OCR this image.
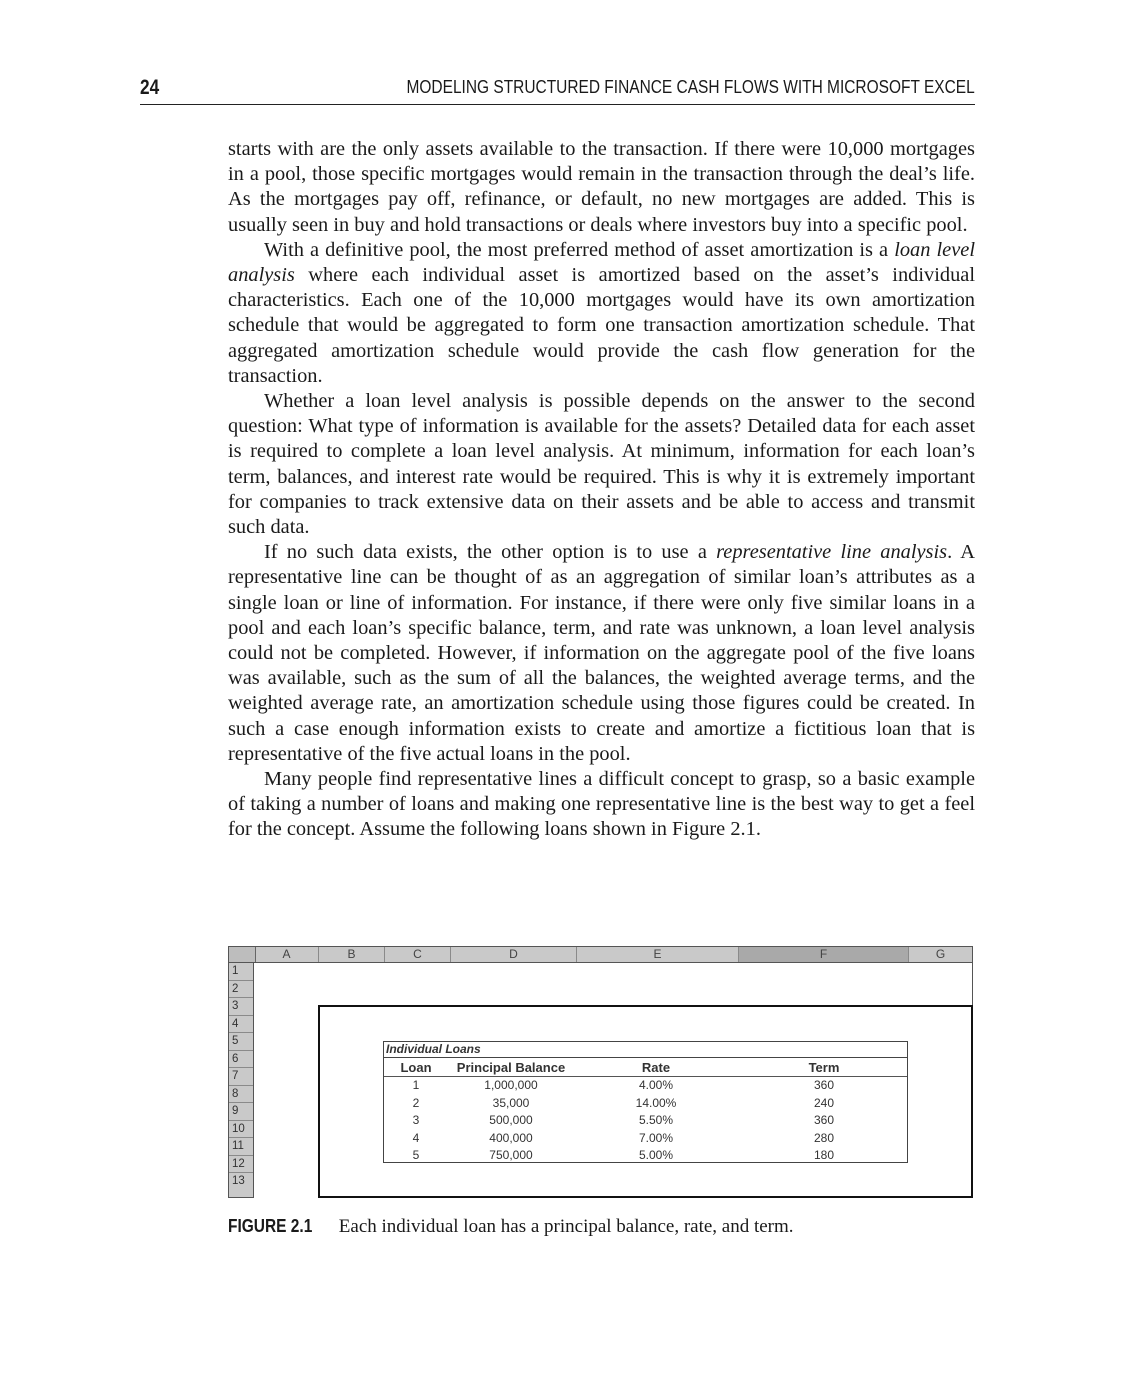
24	MODELING STRUCTURED FINANCE CASH FLOWS WITH MICROSOFT EXCEL

starts with are the only assets available to the transaction. If there were 10,000 mortgages in a pool, those specific mortgages would remain in the transaction through the deal’s life. As the mortgages pay off, refinance, or default, no new mortgages are added. This is usually seen in buy and hold transactions or deals where investors buy into a specific pool.

With a definitive pool, the most preferred method of asset amortization is a loan level analysis where each individual asset is amortized based on the asset’s individual characteristics. Each one of the 10,000 mortgages would have its own amortization schedule that would be aggregated to form one transaction amortization schedule. That aggregated amortization schedule would provide the cash flow generation for the transaction.

Whether a loan level analysis is possible depends on the answer to the second question: What type of information is available for the assets? Detailed data for each asset is required to complete a loan level analysis. At minimum, information for each loan’s term, balances, and interest rate would be required. This is why it is extremely important for companies to track extensive data on their assets and be able to access and transmit such data.

If no such data exists, the other option is to use a representative line analysis. A representative line can be thought of as an aggregation of similar loan’s attributes as a single loan or line of information. For instance, if there were only five similar loans in a pool and each loan’s specific balance, term, and rate was unknown, a loan level analysis could not be completed. However, if information on the aggregate pool of the five loans was available, such as the sum of all the balances, the weighted average terms, and the weighted average rate, an amortization schedule using those figures could be created. In such a case enough information exists to create and amortize a fictitious loan that is representative of the five actual loans in the pool.

Many people find representative lines a difficult concept to grasp, so a basic example of taking a number of loans and making one representative line is the best way to get a feel for the concept. Assume the following loans shown in Figure 2.1.

A	B	C	D	E	F	G
1
2
3
4
5
6
7
8
9
10
11
12
13
Individual Loans
Loan	Principal Balance	Rate	Term
1	1,000,000	4.00%	360
2	35,000	14.00%	240
3	500,000	5.50%	360
4	400,000	7.00%	280
5	750,000	5.00%	180
FIGURE 2.1 Each individual loan has a principal balance, rate, and term.
